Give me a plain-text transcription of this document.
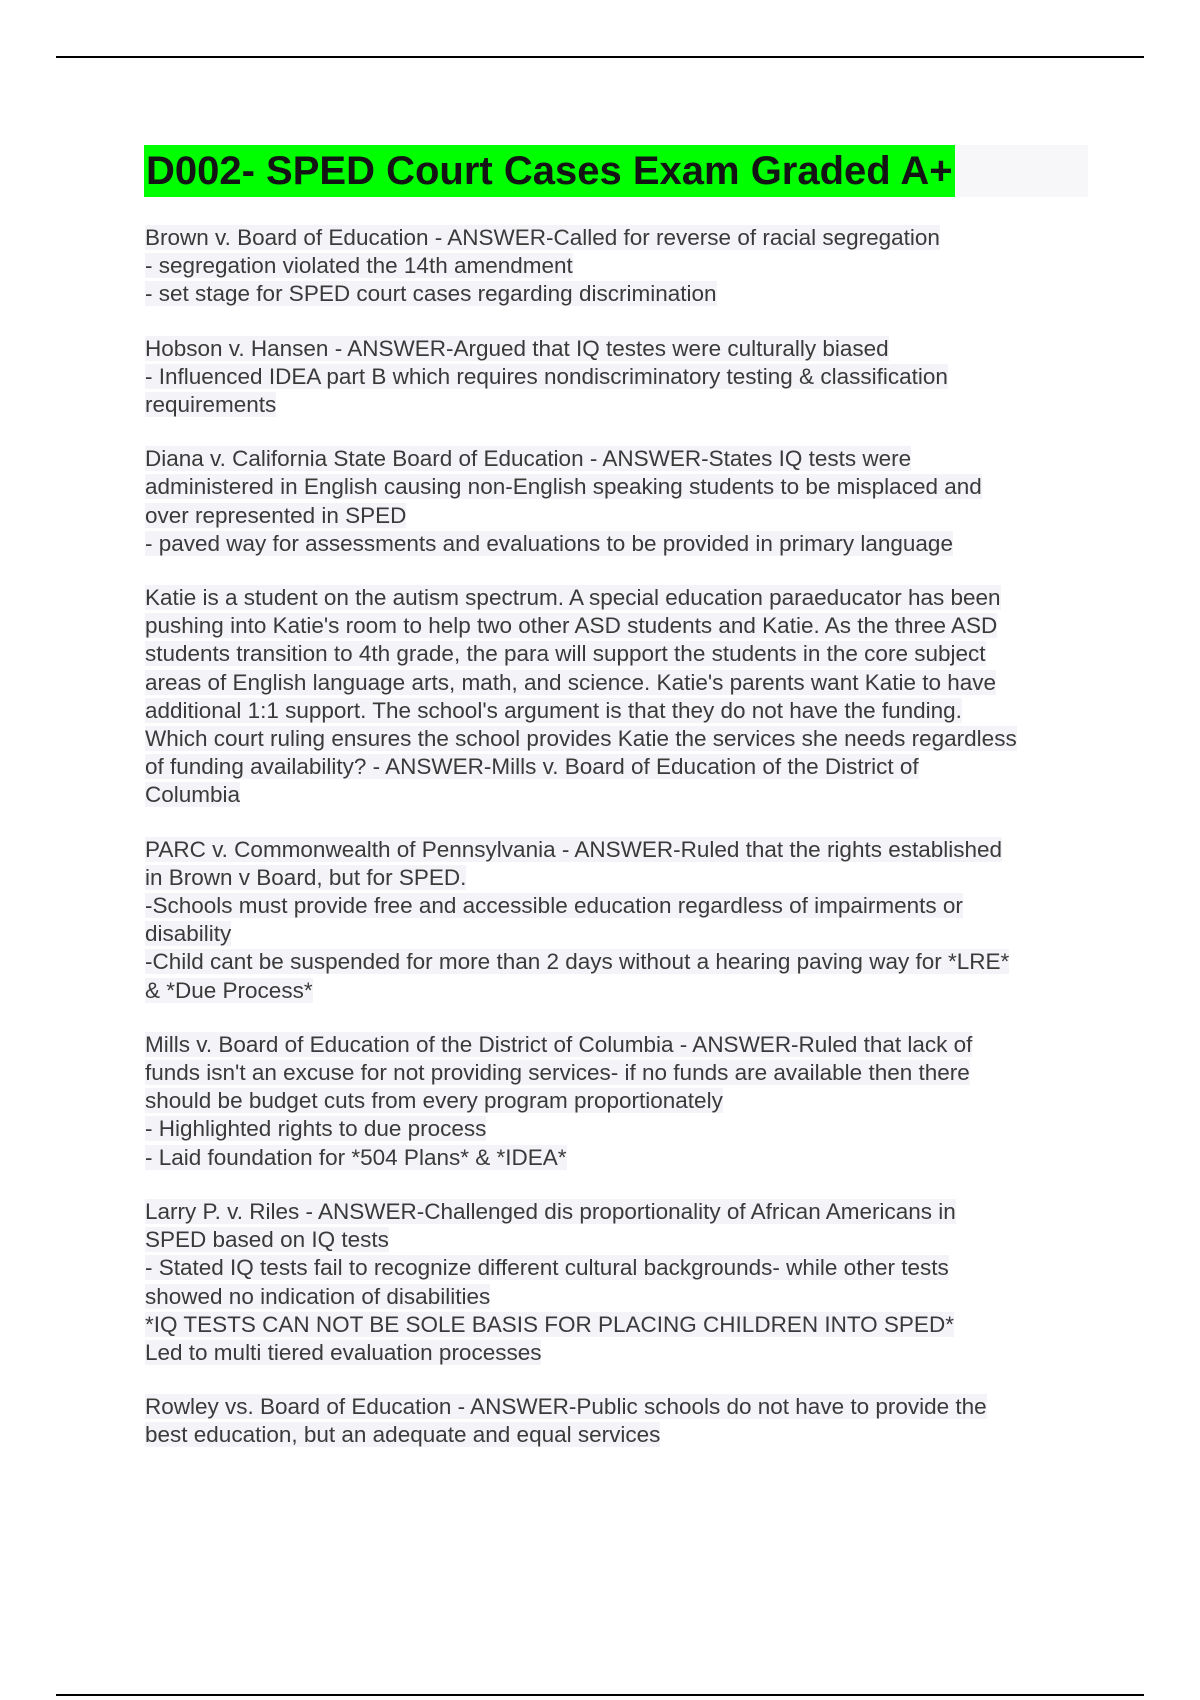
D002- SPED Court Cases Exam Graded A+
Brown v. Board of Education - ANSWER-Called for reverse of racial segregation
- segregation violated the 14th amendment
- set stage for SPED court cases regarding discrimination
Hobson v. Hansen - ANSWER-Argued that IQ testes were culturally biased
- Influenced IDEA part B which requires nondiscriminatory testing & classification
requirements
Diana v. California State Board of Education - ANSWER-States IQ tests were
administered in English causing non-English speaking students to be misplaced and
over represented in SPED
- paved way for assessments and evaluations to be provided in primary language
Katie is a student on the autism spectrum. A special education paraeducator has been
pushing into Katie's room to help two other ASD students and Katie. As the three ASD
students transition to 4th grade, the para will support the students in the core subject
areas of English language arts, math, and science. Katie's parents want Katie to have
additional 1:1 support. The school's argument is that they do not have the funding.
Which court ruling ensures the school provides Katie the services she needs regardless
of funding availability? - ANSWER-Mills v. Board of Education of the District of
Columbia
PARC v. Commonwealth of Pennsylvania - ANSWER-Ruled that the rights established
in Brown v Board, but for SPED.
-Schools must provide free and accessible education regardless of impairments or
disability
-Child cant be suspended for more than 2 days without a hearing paving way for *LRE*
& *Due Process*
Mills v. Board of Education of the District of Columbia - ANSWER-Ruled that lack of
funds isn't an excuse for not providing services- if no funds are available then there
should be budget cuts from every program proportionately
- Highlighted rights to due process
- Laid foundation for *504 Plans* & *IDEA*
Larry P. v. Riles - ANSWER-Challenged dis proportionality of African Americans in
SPED based on IQ tests
- Stated IQ tests fail to recognize different cultural backgrounds- while other tests
showed no indication of disabilities
*IQ TESTS CAN NOT BE SOLE BASIS FOR PLACING CHILDREN INTO SPED*
Led to multi tiered evaluation processes
Rowley vs. Board of Education - ANSWER-Public schools do not have to provide the
best education, but an adequate and equal services
